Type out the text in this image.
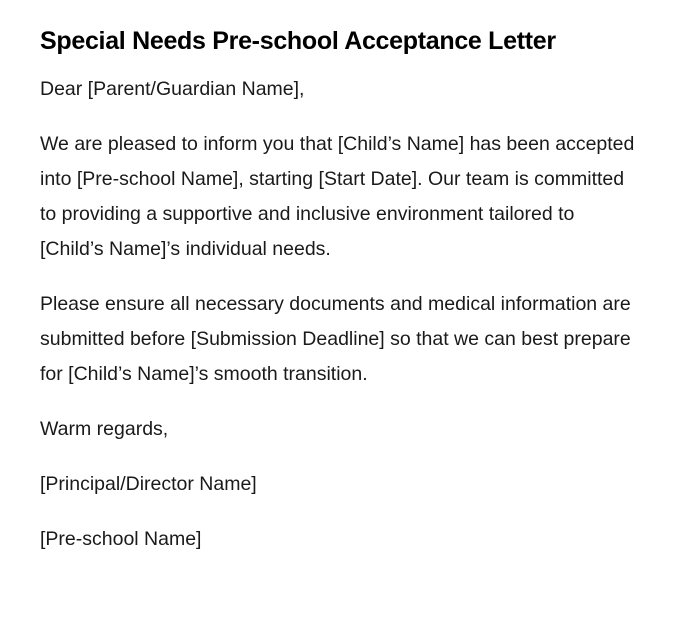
Special Needs Pre-school Acceptance Letter

Dear [Parent/Guardian Name],

We are pleased to inform you that [Child’s Name] has been accepted into [Pre-school Name], starting [Start Date]. Our team is committed to providing a supportive and inclusive environment tailored to [Child’s Name]’s individual needs.

Please ensure all necessary documents and medical information are submitted before [Submission Deadline] so that we can best prepare for [Child’s Name]’s smooth transition.

Warm regards,

[Principal/Director Name]

[Pre-school Name]
